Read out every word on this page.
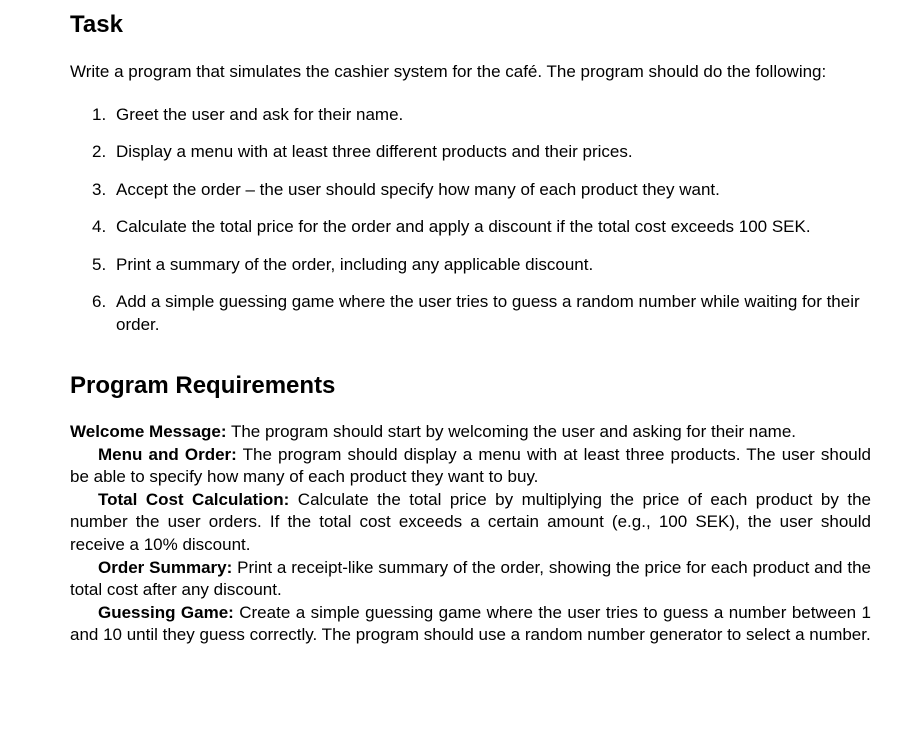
Task

Write a program that simulates the cashier system for the café. The program should do the following:

1. Greet the user and ask for their name.
2. Display a menu with at least three different products and their prices.
3. Accept the order – the user should specify how many of each product they want.
4. Calculate the total price for the order and apply a discount if the total cost exceeds 100 SEK.
5. Print a summary of the order, including any applicable discount.
6. Add a simple guessing game where the user tries to guess a random number while waiting for their order.
Program Requirements

Welcome Message: The program should start by welcoming the user and asking for their name.

Menu and Order: The program should display a menu with at least three products. The user should be able to specify how many of each product they want to buy.

Total Cost Calculation: Calculate the total price by multiplying the price of each product by the number the user orders. If the total cost exceeds a certain amount (e.g., 100 SEK), the user should receive a 10% discount.

Order Summary: Print a receipt-like summary of the order, showing the price for each product and the total cost after any discount.

Guessing Game: Create a simple guessing game where the user tries to guess a number between 1 and 10 until they guess correctly. The program should use a random number generator to select a number.
